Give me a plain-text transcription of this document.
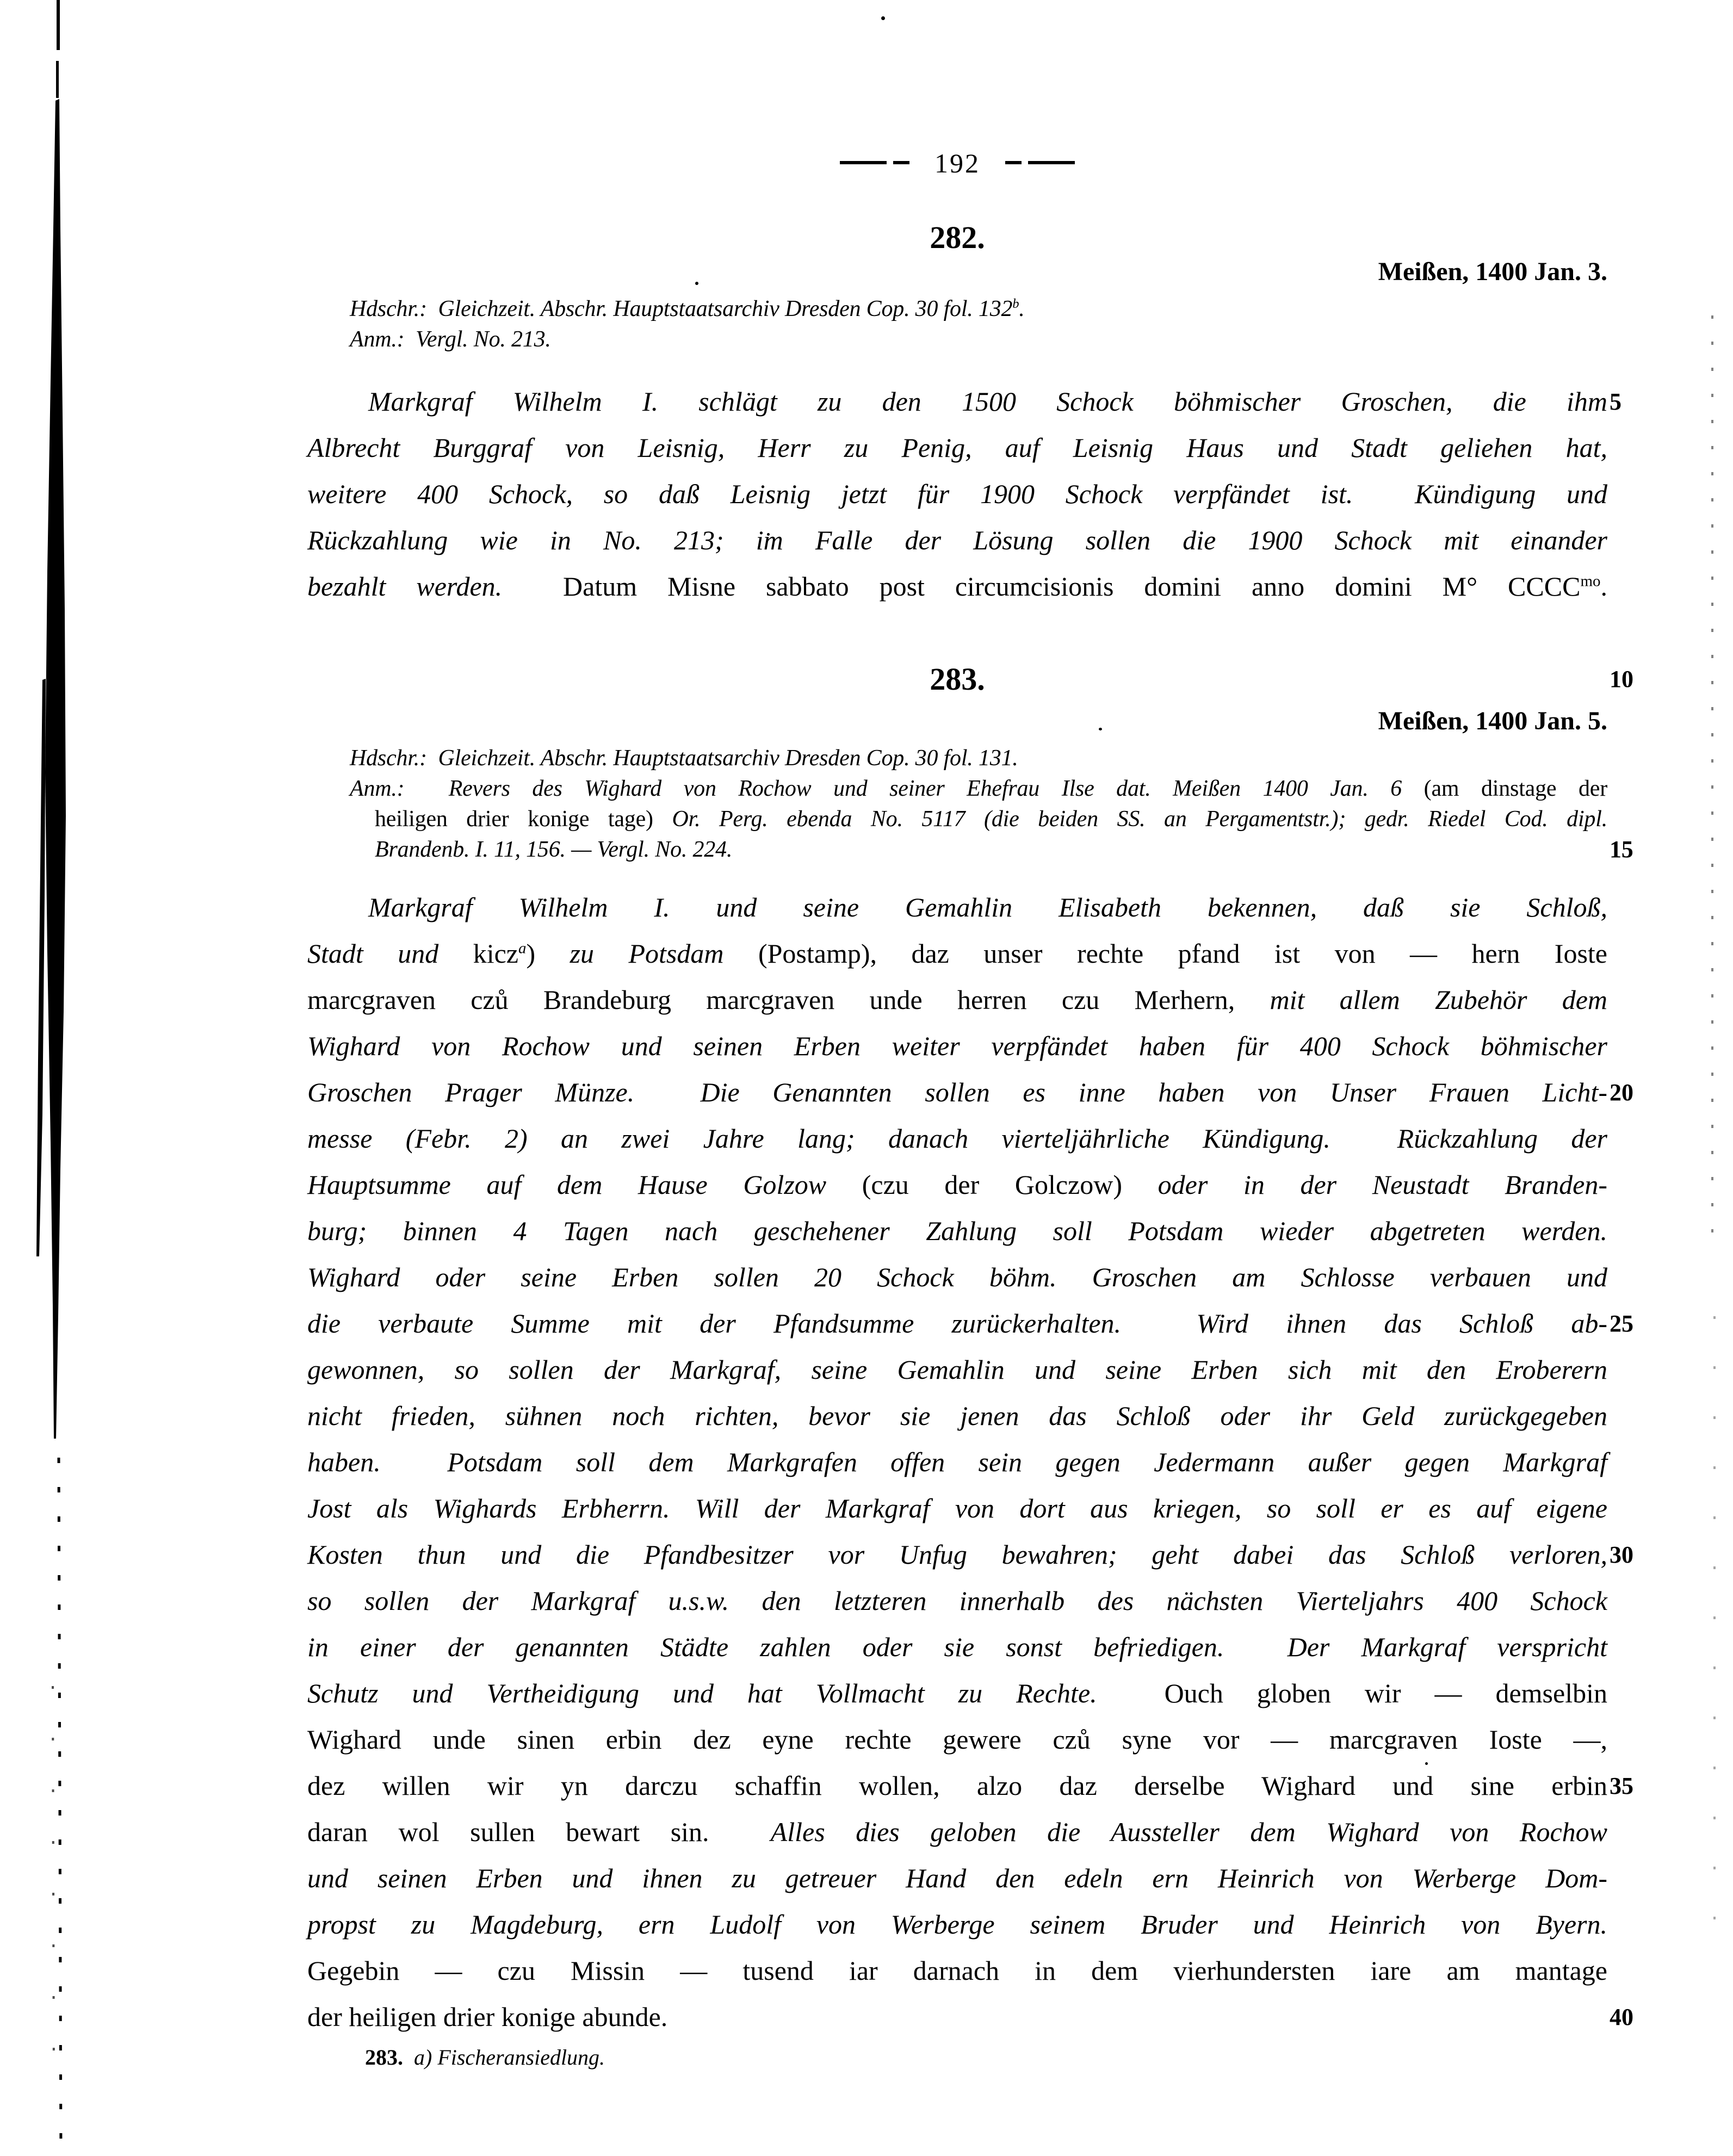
192
282.
Meißen, 1400 Jan. 3.
Hdschr.:  Gleichzeit. Abschr. Hauptstaatsarchiv Dresden Cop. 30 fol. 132$^b$.
Anm.:  Vergl. No. 213.
Markgraf Wilhelm I. schlägt zu den 1500 Schock böhmischer Groschen, die ihm 5
Albrecht Burggraf von Leisnig, Herr zu Penig, auf Leisnig Haus und Stadt geliehen hat,
weitere 400 Schock, so daß Leisnig jetzt für 1900 Schock verpfändet ist.  Kündigung und
Rückzahlung wie in No. 213; im Falle der Lösung sollen die 1900 Schock mit einander
bezahlt werden.  Datum Misne sabbato post circumcisionis domini anno domini M° $CCCC^{mo}$.
283.	10
Meißen, 1400 Jan. 5.
Hdschr.:  Gleichzeit. Abschr. Hauptstaatsarchiv Dresden Cop. 30 fol. 131.
Anm.:  Revers des Wighard von Rochow und seiner Ehefrau Ilse dat. Meißen 1400 Jan. 6 (am dinstage der
heiligen drier konige tage) Or. Perg. ebenda No. 5117 (die beiden SS. an Pergamentstr.); gedr. Riedel Cod. dipl.
Brandenb. I. 11, 156. — Vergl. No. 224.	15
Markgraf Wilhelm I. und seine Gemahlin Elisabeth bekennen, daß sie Schloß,
Stadt und kicz$^a$) zu Potsdam (Postamp), daz unser rechte pfand ist von — hern Ioste
marcgraven czů Brandeburg marcgraven unde herren czu Merhern, mit allem Zubehör dem
Wighard von Rochow und seinen Erben weiter verpfändet haben für 400 Schock böhmischer
Groschen Prager Münze.  Die Genannten sollen es inne haben von Unser Frauen Licht- 20
messe (Febr. 2) an zwei Jahre lang; danach vierteljährliche Kündigung.  Rückzahlung der
Hauptsumme auf dem Hause Golzow (czu der Golczow) oder in der Neustadt Branden-
burg; binnen 4 Tagen nach geschehener Zahlung soll Potsdam wieder abgetreten werden.
Wighard oder seine Erben sollen 20 Schock böhm. Groschen am Schlosse verbauen und
die verbaute Summe mit der Pfandsumme zurückerhalten.  Wird ihnen das Schloß ab- 25
gewonnen, so sollen der Markgraf, seine Gemahlin und seine Erben sich mit den Eroberern
nicht frieden, sühnen noch richten, bevor sie jenen das Schloß oder ihr Geld zurückgegeben
haben.  Potsdam soll dem Markgrafen offen sein gegen Jedermann außer gegen Markgraf
Jost als Wighards Erbherrn. Will der Markgraf von dort aus kriegen, so soll er es auf eigene
Kosten thun und die Pfandbesitzer vor Unfug bewahren; geht dabei das Schloß verloren, 30
so sollen der Markgraf u.s.w. den letzteren innerhalb des nächsten Vierteljahrs 400 Schock
in einer der genannten Städte zahlen oder sie sonst befriedigen.  Der Markgraf verspricht
Schutz und Vertheidigung und hat Vollmacht zu Rechte.  Ouch globen wir — demselbin
Wighard unde sinen erbin dez eyne rechte gewere czů syne vor — marcgraven Ioste —,
dez willen wir yn darczu schaffin wollen, alzo daz derselbe Wighard und sine erbin 35
daran wol sullen bewart sin.  Alles dies geloben die Aussteller dem Wighard von Rochow
und seinen Erben und ihnen zu getreuer Hand den edeln ern Heinrich von Werberge Dom-
propst zu Magdeburg, ern Ludolf von Werberge seinem Bruder und Heinrich von Byern.
Gegebin — czu Missin — tusend iar darnach in dem vierhundersten iare am mantage
der heiligen drier konige abunde.	40
283. a) Fischeransiedlung.
